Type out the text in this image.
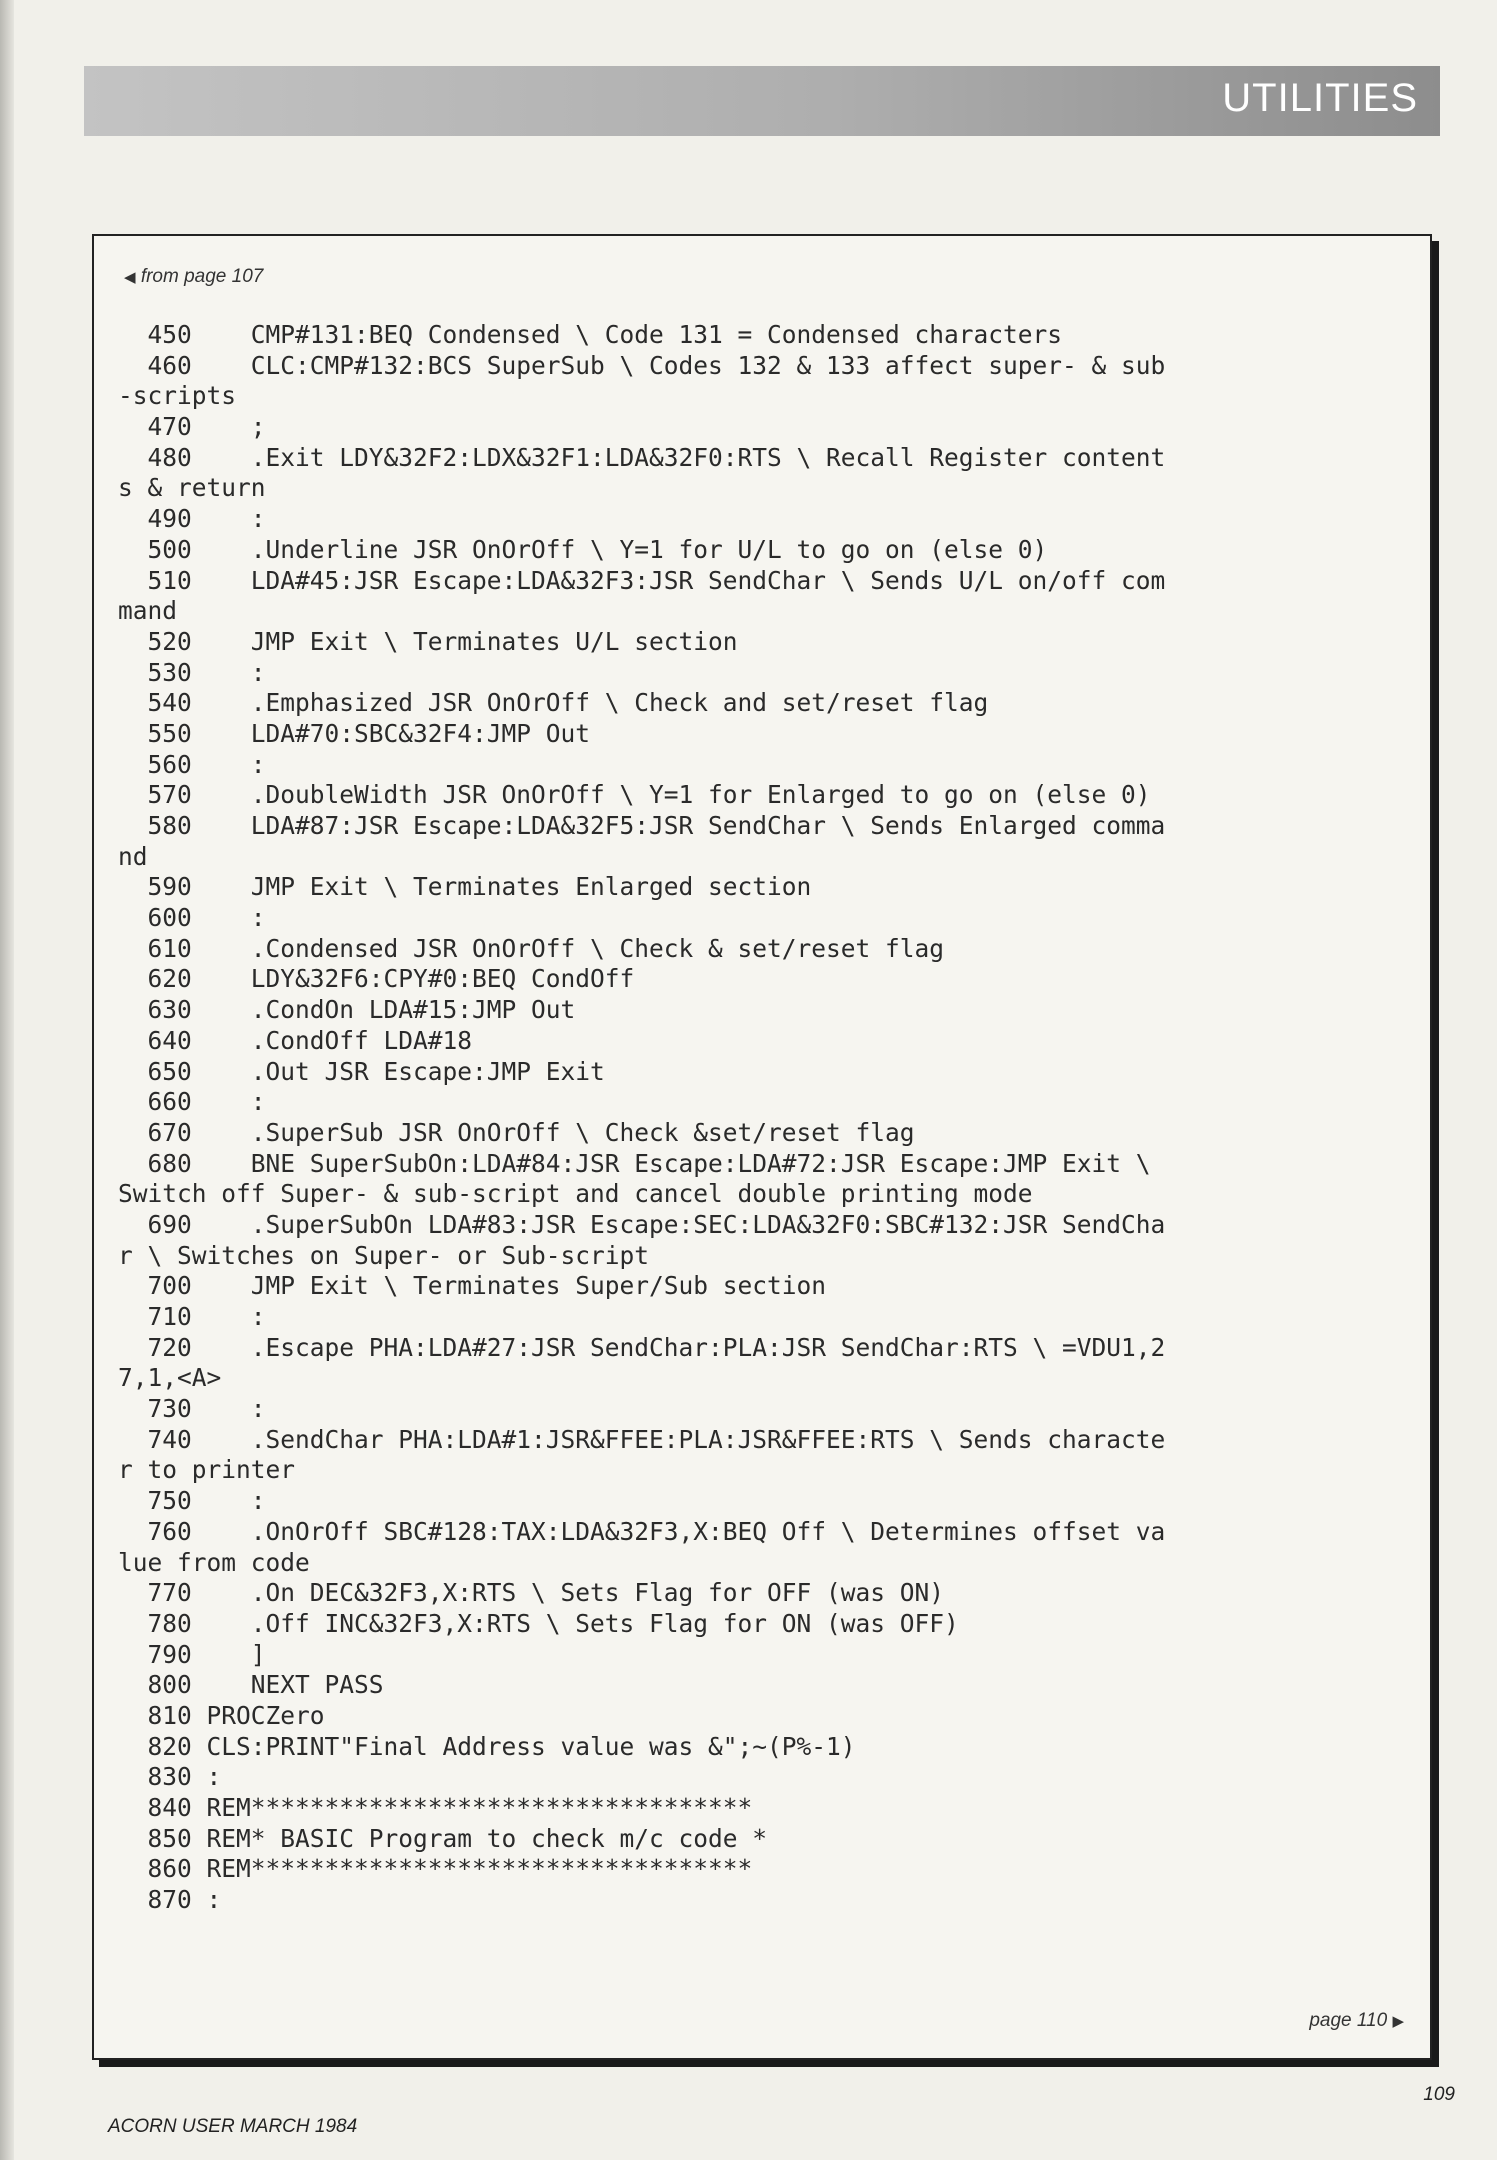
UTILITIES
◀ from page 107
450    CMP#131:BEQ Condensed \ Code 131 = Condensed characters
460    CLC:CMP#132:BCS SuperSub \ Codes 132 & 133 affect super- & sub
-scripts
470    ;
480    .Exit LDY&32F2:LDX&32F1:LDA&32F0:RTS \ Recall Register content
s & return
490    :
500    .Underline JSR OnOrOff \ Y=1 for U/L to go on (else 0)
510    LDA#45:JSR Escape:LDA&32F3:JSR SendChar \ Sends U/L on/off com
mand
520    JMP Exit \ Terminates U/L section
530    :
540    .Emphasized JSR OnOrOff \ Check and set/reset flag
550    LDA#70:SBC&32F4:JMP Out
560    :
570    .DoubleWidth JSR OnOrOff \ Y=1 for Enlarged to go on (else 0)
580    LDA#87:JSR Escape:LDA&32F5:JSR SendChar \ Sends Enlarged comma
nd
590    JMP Exit \ Terminates Enlarged section
600    :
610    .Condensed JSR OnOrOff \ Check & set/reset flag
620    LDY&32F6:CPY#0:BEQ CondOff
630    .CondOn LDA#15:JMP Out
640    .CondOff LDA#18
650    .Out JSR Escape:JMP Exit
660    :
670    .SuperSub JSR OnOrOff \ Check &set/reset flag
680    BNE SuperSubOn:LDA#84:JSR Escape:LDA#72:JSR Escape:JMP Exit \
Switch off Super- & sub-script and cancel double printing mode
690    .SuperSubOn LDA#83:JSR Escape:SEC:LDA&32F0:SBC#132:JSR SendCha
r \ Switches on Super- or Sub-script
700    JMP Exit \ Terminates Super/Sub section
710    :
720    .Escape PHA:LDA#27:JSR SendChar:PLA:JSR SendChar:RTS \ =VDU1,2
7,1,<A>
730    :
740    .SendChar PHA:LDA#1:JSR&FFEE:PLA:JSR&FFEE:RTS \ Sends characte
r to printer
750    :
760    .OnOrOff SBC#128:TAX:LDA&32F3,X:BEQ Off \ Determines offset va
lue from code
770    .On DEC&32F3,X:RTS \ Sets Flag for OFF (was ON)
780    .Off INC&32F3,X:RTS \ Sets Flag for ON (was OFF)
790    ]
800    NEXT PASS
810 PROCZero
820 CLS:PRINT"Final Address value was &";~(P%-1)
830 :
840 REM**********************************
850 REM* BASIC Program to check m/c code *
860 REM**********************************
870 :
page 110 ▶
ACORN USER MARCH 1984
109
